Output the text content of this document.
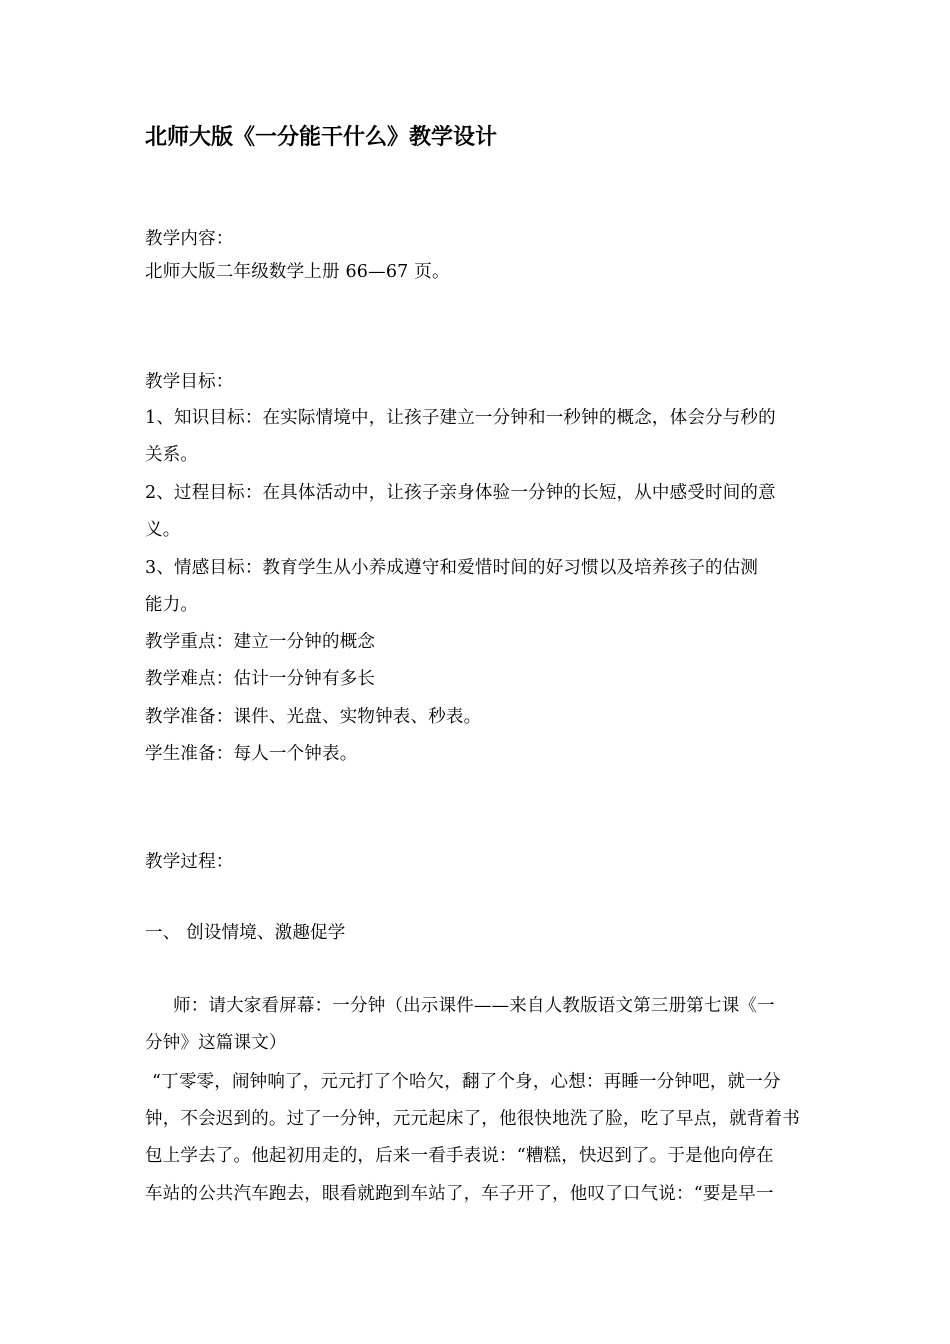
北师大版《一分能干什么》教学设计
教学内容：
北师大版二年级数学上册 66—67 页。
教学目标：
1、知识目标：在实际情境中，让孩子建立一分钟和一秒钟的概念，体会分与秒的
关系。
2、过程目标：在具体活动中，让孩子亲身体验一分钟的长短，从中感受时间的意
义。
3、情感目标：教育学生从小养成遵守和爱惜时间的好习惯以及培养孩子的估测
能力。
教学重点：建立一分钟的概念
教学难点：估计一分钟有多长
教学准备：课件、光盘、实物钟表、秒表。
学生准备：每人一个钟表。
教学过程：
一、 创设情境、激趣促学
师：请大家看屏幕：一分钟（出示课件——来自人教版语文第三册第七课《一
分钟》这篇课文）
“丁零零，闹钟响了，元元打了个哈欠，翻了个身，心想：再睡一分钟吧，就一分
钟，不会迟到的。过了一分钟，元元起床了，他很快地洗了脸，吃了早点，就背着书
包上学去了。他起初用走的，后来一看手表说：“糟糕，快迟到了。于是他向停在
车站的公共汽车跑去，眼看就跑到车站了，车子开了，他叹了口气说：“要是早一
